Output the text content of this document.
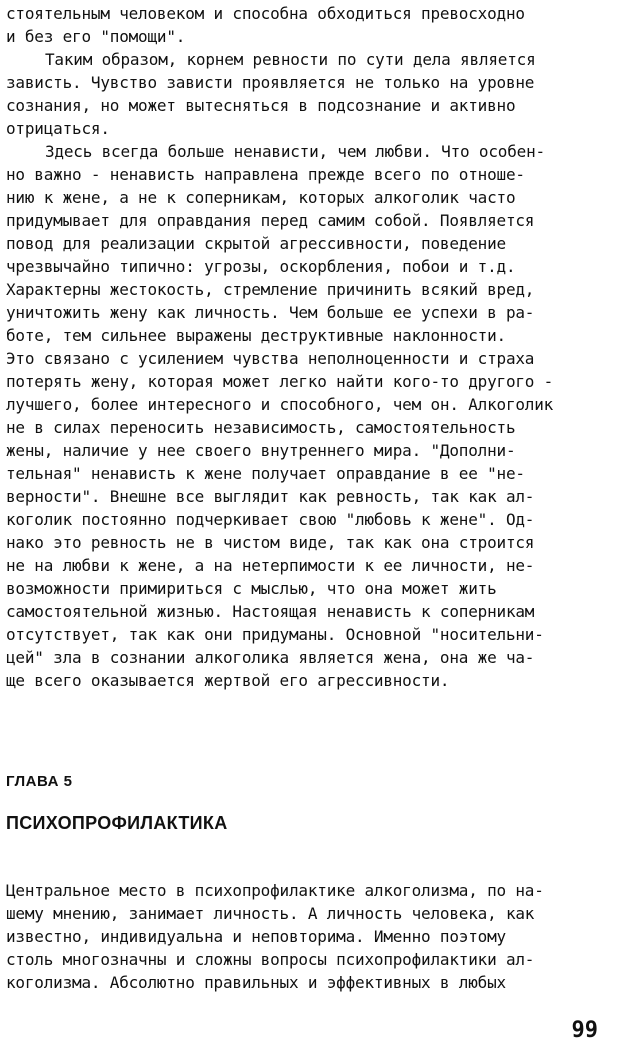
стоятельным человеком и способна обходиться превосходно
и без его "помощи".
Таким образом, корнем ревности по сути дела является
зависть. Чувство зависти проявляется не только на уровне
сознания, но может вытесняться в подсознание и активно
отрицаться.
Здесь всегда больше ненависти, чем любви. Что особен-
но важно - ненависть направлена прежде всего по отноше-
нию к жене, а не к соперникам, которых алкоголик часто
придумывает для оправдания перед самим собой. Появляется
повод для реализации скрытой агрессивности, поведение
чрезвычайно типично: угрозы, оскорбления, побои и т.д.
Характерны жестокость, стремление причинить всякий вред,
уничтожить жену как личность. Чем больше ее успехи в ра-
боте, тем сильнее выражены деструктивные наклонности.
Это связано с усилением чувства неполноценности и страха
потерять жену, которая может легко найти кого-то другого -
лучшего, более интересного и способного, чем он. Алкоголик
не в силах переносить независимость, самостоятельность
жены, наличие у нее своего внутреннего мира. "Дополни-
тельная" ненависть к жене получает оправдание в ее "не-
верности". Внешне все выглядит как ревность, так как ал-
коголик постоянно подчеркивает свою "любовь к жене". Од-
нако это ревность не в чистом виде, так как она строится
не на любви к жене, а на нетерпимости к ее личности, не-
возможности примириться с мыслью, что она может жить
самостоятельной жизнью. Настоящая ненависть к соперникам
отсутствует, так как они придуманы. Основной "носительни-
цей" зла в сознании алкоголика является жена, она же ча-
ще всего оказывается жертвой его агрессивности.
ГЛАВА 5
ПСИХОПРОФИЛАКТИКА
Центральное место в психопрофилактике алкоголизма, по на-
шему мнению, занимает личность. А личность человека, как
известно, индивидуальна и неповторима. Именно поэтому
столь многозначны и сложны вопросы психопрофилактики ал-
коголизма. Абсолютно правильных и эффективных в любых
99
